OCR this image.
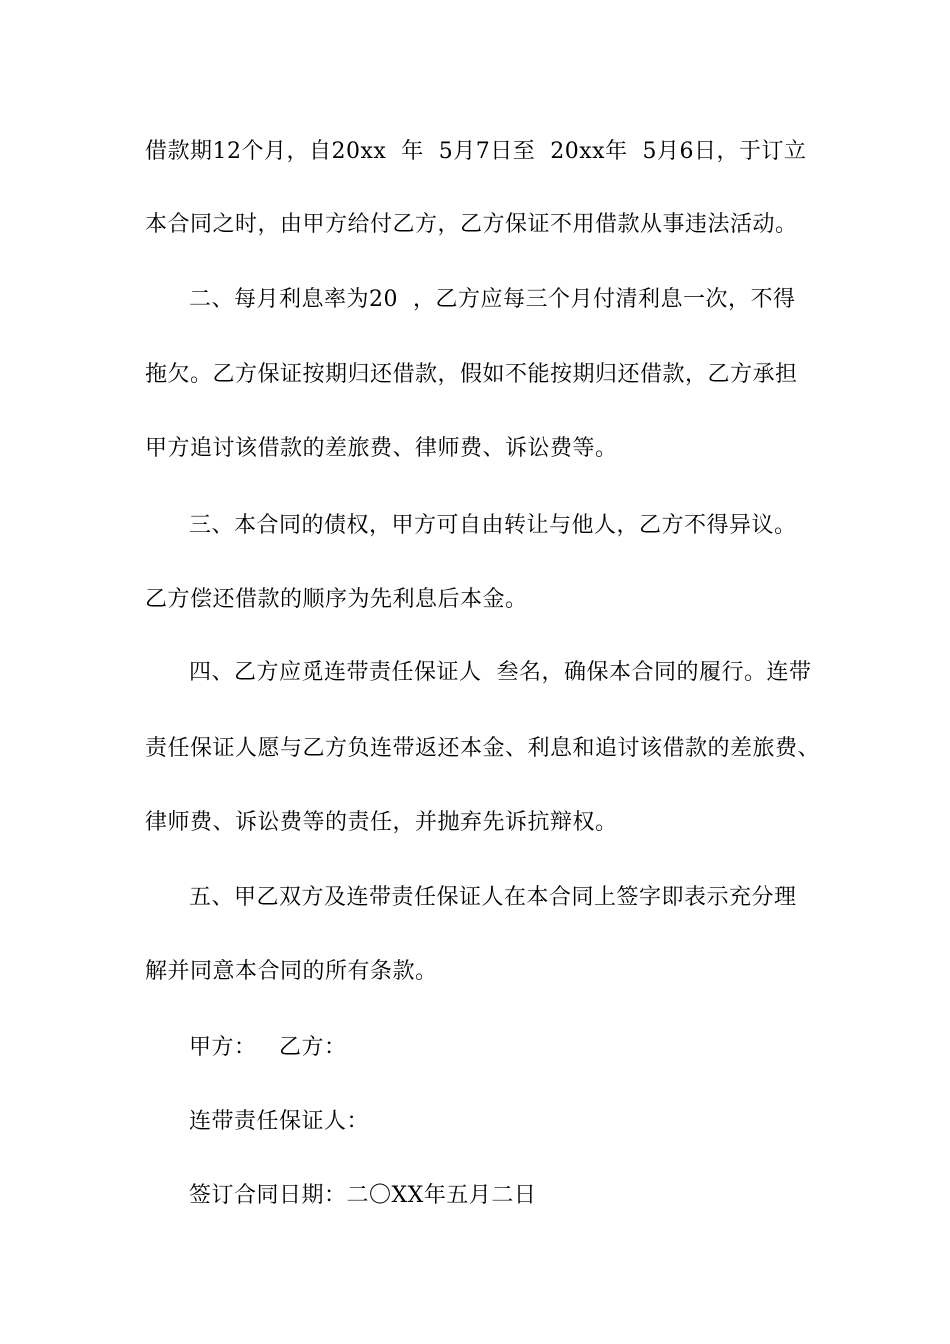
借款期12个月，自20xx  年  5月7日至  20xx年  5月6日，于订立
本合同之时，由甲方给付乙方，乙方保证不用借款从事违法活动。
二、每月利息率为20  ，乙方应每三个月付清利息一次，不得
拖欠。乙方保证按期归还借款，假如不能按期归还借款，乙方承担
甲方追讨该借款的差旅费、律师费、诉讼费等。
三、本合同的债权，甲方可自由转让与他人，乙方不得异议。
乙方偿还借款的顺序为先利息后本金。
四、乙方应觅连带责任保证人  叁名，确保本合同的履行。连带
责任保证人愿与乙方负连带返还本金、利息和追讨该借款的差旅费、
律师费、诉讼费等的责任，并抛弃先诉抗辩权。
五、甲乙双方及连带责任保证人在本合同上签字即表示充分理
解并同意本合同的所有条款。
甲方：   乙方：
连带责任保证人：
签订合同日期：二〇XX年五月二日
